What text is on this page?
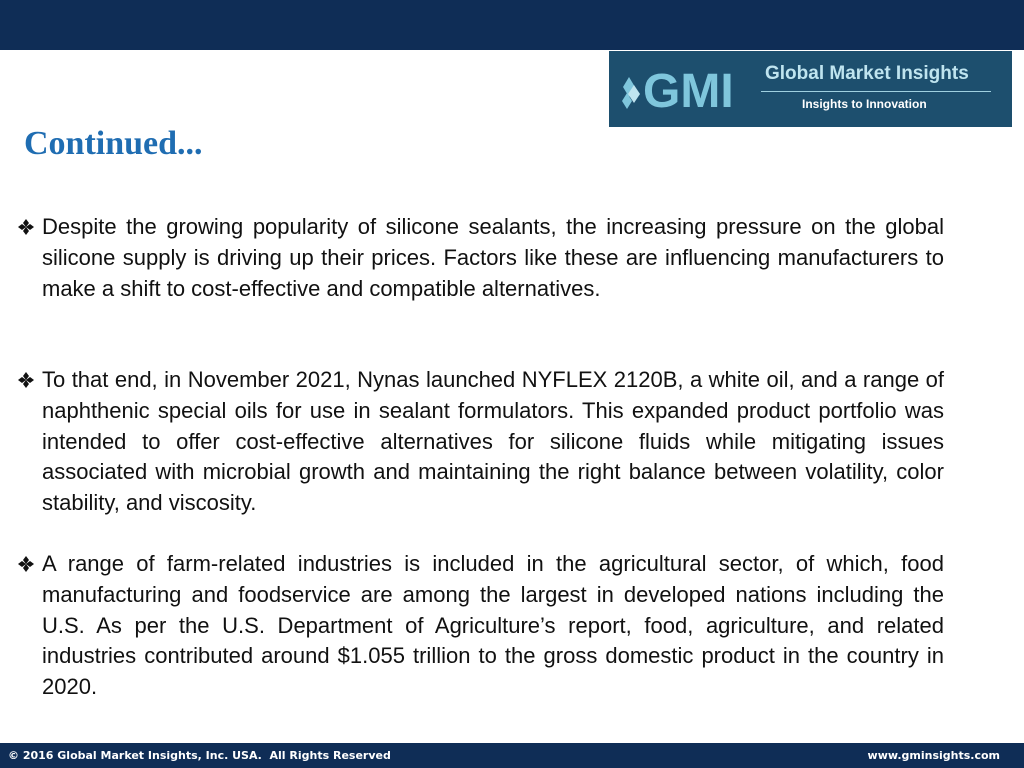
GMI Global Market Insights
Insights to Innovation
Continued...

Despite the growing popularity of silicone sealants, the increasing pressure on the global silicone supply is driving up their prices. Factors like these are influencing manufacturers to make a shift to cost-effective and compatible alternatives.

To that end, in November 2021, Nynas launched NYFLEX 2120B, a white oil, and a range of naphthenic special oils for use in sealant formulators. This expanded product portfolio was intended to offer cost-effective alternatives for silicone fluids while mitigating issues associated with microbial growth and maintaining the right balance between volatility, color stability, and viscosity.

A range of farm-related industries is included in the agricultural sector, of which, food manufacturing and foodservice are among the largest in developed nations including the U.S. As per the U.S. Department of Agriculture’s report, food, agriculture, and related industries contributed around $1.055 trillion to the gross domestic product in the country in 2020.

© 2016 Global Market Insights, Inc. USA.  All Rights Reserved	www.gminsights.com
